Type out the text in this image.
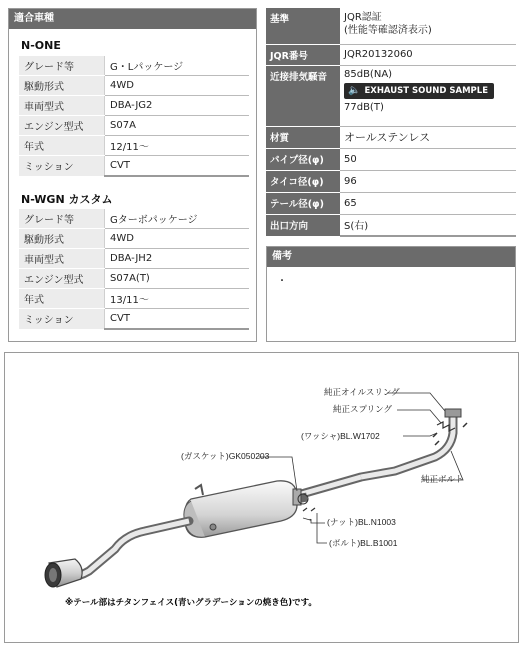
適合車種
N-ONE
グレード等	G・Lパッケージ
駆動形式	4WD
車両型式	DBA-JG2
エンジン型式	S07A
年式	12/11〜
ミッション	CVT
N-WGN カスタム
グレード等	Gターボパッケージ
駆動形式	4WD
車両型式	DBA-JH2
エンジン型式	S07A(T)
年式	13/11〜
ミッション	CVT
基準	JQR認証
(性能等確認済表示)

JQR番号	JQR20132060
近接排気騒音	85dB(NA)
🔈 EXHAUST SOUND SAMPLE
77dB(T)

材質	オールステンレス
パイプ径(φ)	50
タイコ径(φ)	96
テール径(φ)	65
出口方向	S(右)
備考
・
純正オイルスリング
純正スプリング
(ワッシャ)BL.W1702
(ガスケット)GK050203
純正ボルト
(ナット)BL.N1003
(ボルト)BL.B1001
※テール部はチタンフェイス(青いグラデーションの焼き色)です。
